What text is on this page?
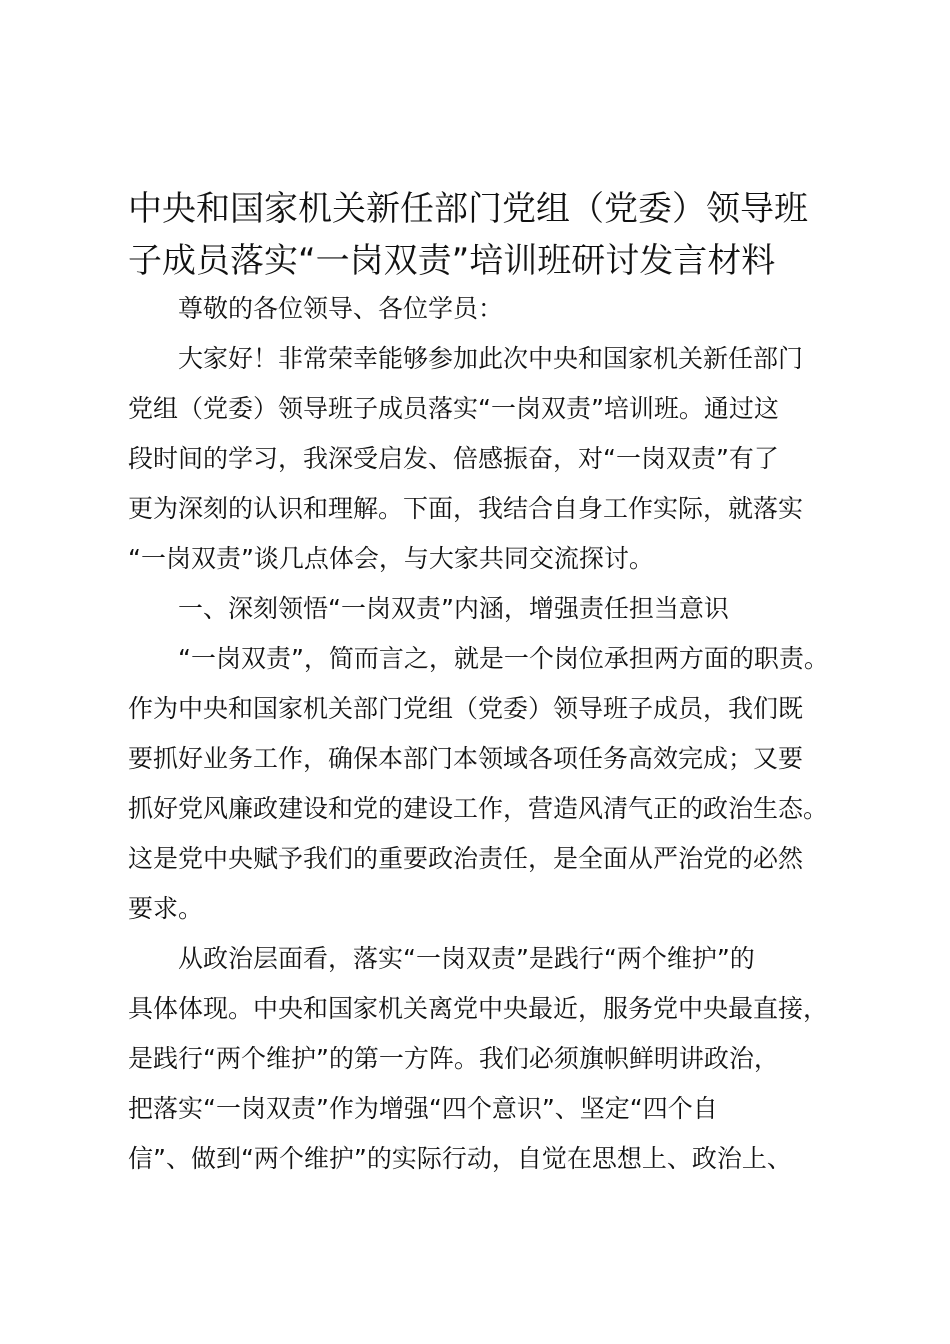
中央和国家机关新任部门党组（党委）领导班
子成员落实“一岗双责”培训班研讨发言材料

尊敬的各位领导、各位学员：

大家好！非常荣幸能够参加此次中央和国家机关新任部门
党组（党委）领导班子成员落实“一岗双责”培训班。通过这
段时间的学习，我深受启发、倍感振奋，对“一岗双责”有了
更为深刻的认识和理解。下面，我结合自身工作实际，就落实
“一岗双责”谈几点体会，与大家共同交流探讨。

一、深刻领悟“一岗双责”内涵，增强责任担当意识

“一岗双责”，简而言之，就是一个岗位承担两方面的职责。
作为中央和国家机关部门党组（党委）领导班子成员，我们既
要抓好业务工作，确保本部门本领域各项任务高效完成；又要
抓好党风廉政建设和党的建设工作，营造风清气正的政治生态。
这是党中央赋予我们的重要政治责任，是全面从严治党的必然
要求。

从政治层面看，落实“一岗双责”是践行“两个维护”的
具体体现。中央和国家机关离党中央最近，服务党中央最直接，
是践行“两个维护”的第一方阵。我们必须旗帜鲜明讲政治，
把落实“一岗双责”作为增强“四个意识”、坚定“四个自
信”、做到“两个维护”的实际行动，自觉在思想上、政治上、
